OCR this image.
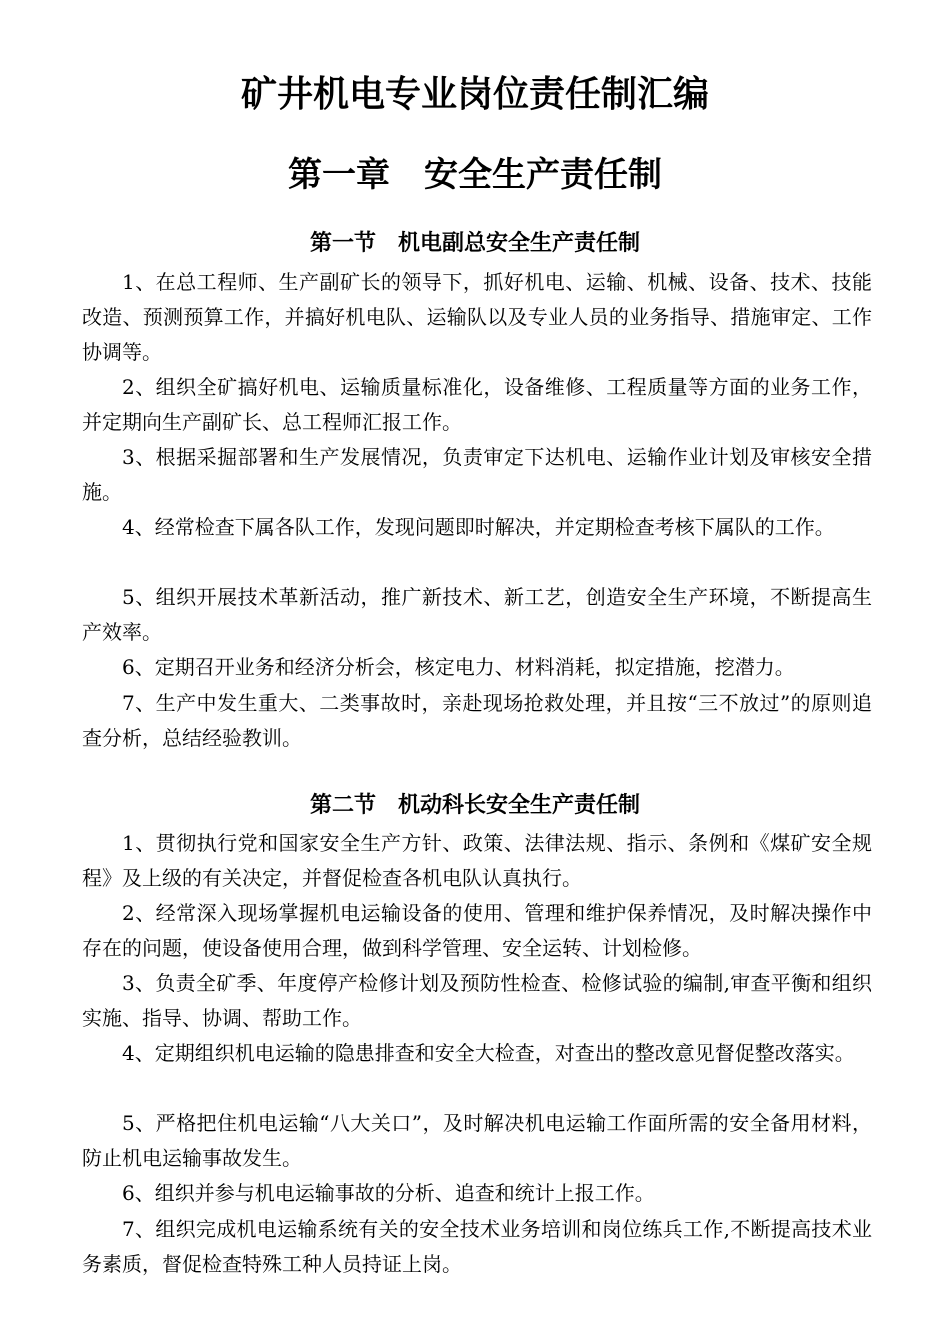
矿井机电专业岗位责任制汇编
第一章　安全生产责任制
第一节　机电副总安全生产责任制

1、在总工程师、生产副矿长的领导下，抓好机电、运输、机械、设备、技术、技能改造、预测预算工作，并搞好机电队、运输队以及专业人员的业务指导、措施审定、工作协调等。

2、组织全矿搞好机电、运输质量标准化，设备维修、工程质量等方面的业务工作，并定期向生产副矿长、总工程师汇报工作。

3、根据采掘部署和生产发展情况，负责审定下达机电、运输作业计划及审核安全措施。

4、经常检查下属各队工作，发现问题即时解决，并定期检查考核下属队的工作。

5、组织开展技术革新活动，推广新技术、新工艺，创造安全生产环境，不断提高生产效率。

6、定期召开业务和经济分析会，核定电力、材料消耗，拟定措施，挖潜力。

7、生产中发生重大、二类事故时，亲赴现场抢救处理，并且按“三不放过”的原则追查分析，总结经验教训。

第二节　机动科长安全生产责任制

1、贯彻执行党和国家安全生产方针、政策、法律法规、指示、条例和《煤矿安全规程》及上级的有关决定，并督促检查各机电队认真执行。

2、经常深入现场掌握机电运输设备的使用、管理和维护保养情况，及时解决操作中存在的问题，使设备使用合理，做到科学管理、安全运转、计划检修。

3、负责全矿季、年度停产检修计划及预防性检查、检修试验的编制,审查平衡和组织实施、指导、协调、帮助工作。

4、定期组织机电运输的隐患排查和安全大检查，对查出的整改意见督促整改落实。

5、严格把住机电运输“八大关口”，及时解决机电运输工作面所需的安全备用材料，防止机电运输事故发生。

6、组织并参与机电运输事故的分析、追查和统计上报工作。

7、组织完成机电运输系统有关的安全技术业务培训和岗位练兵工作,不断提高技术业务素质，督促检查特殊工种人员持证上岗。
